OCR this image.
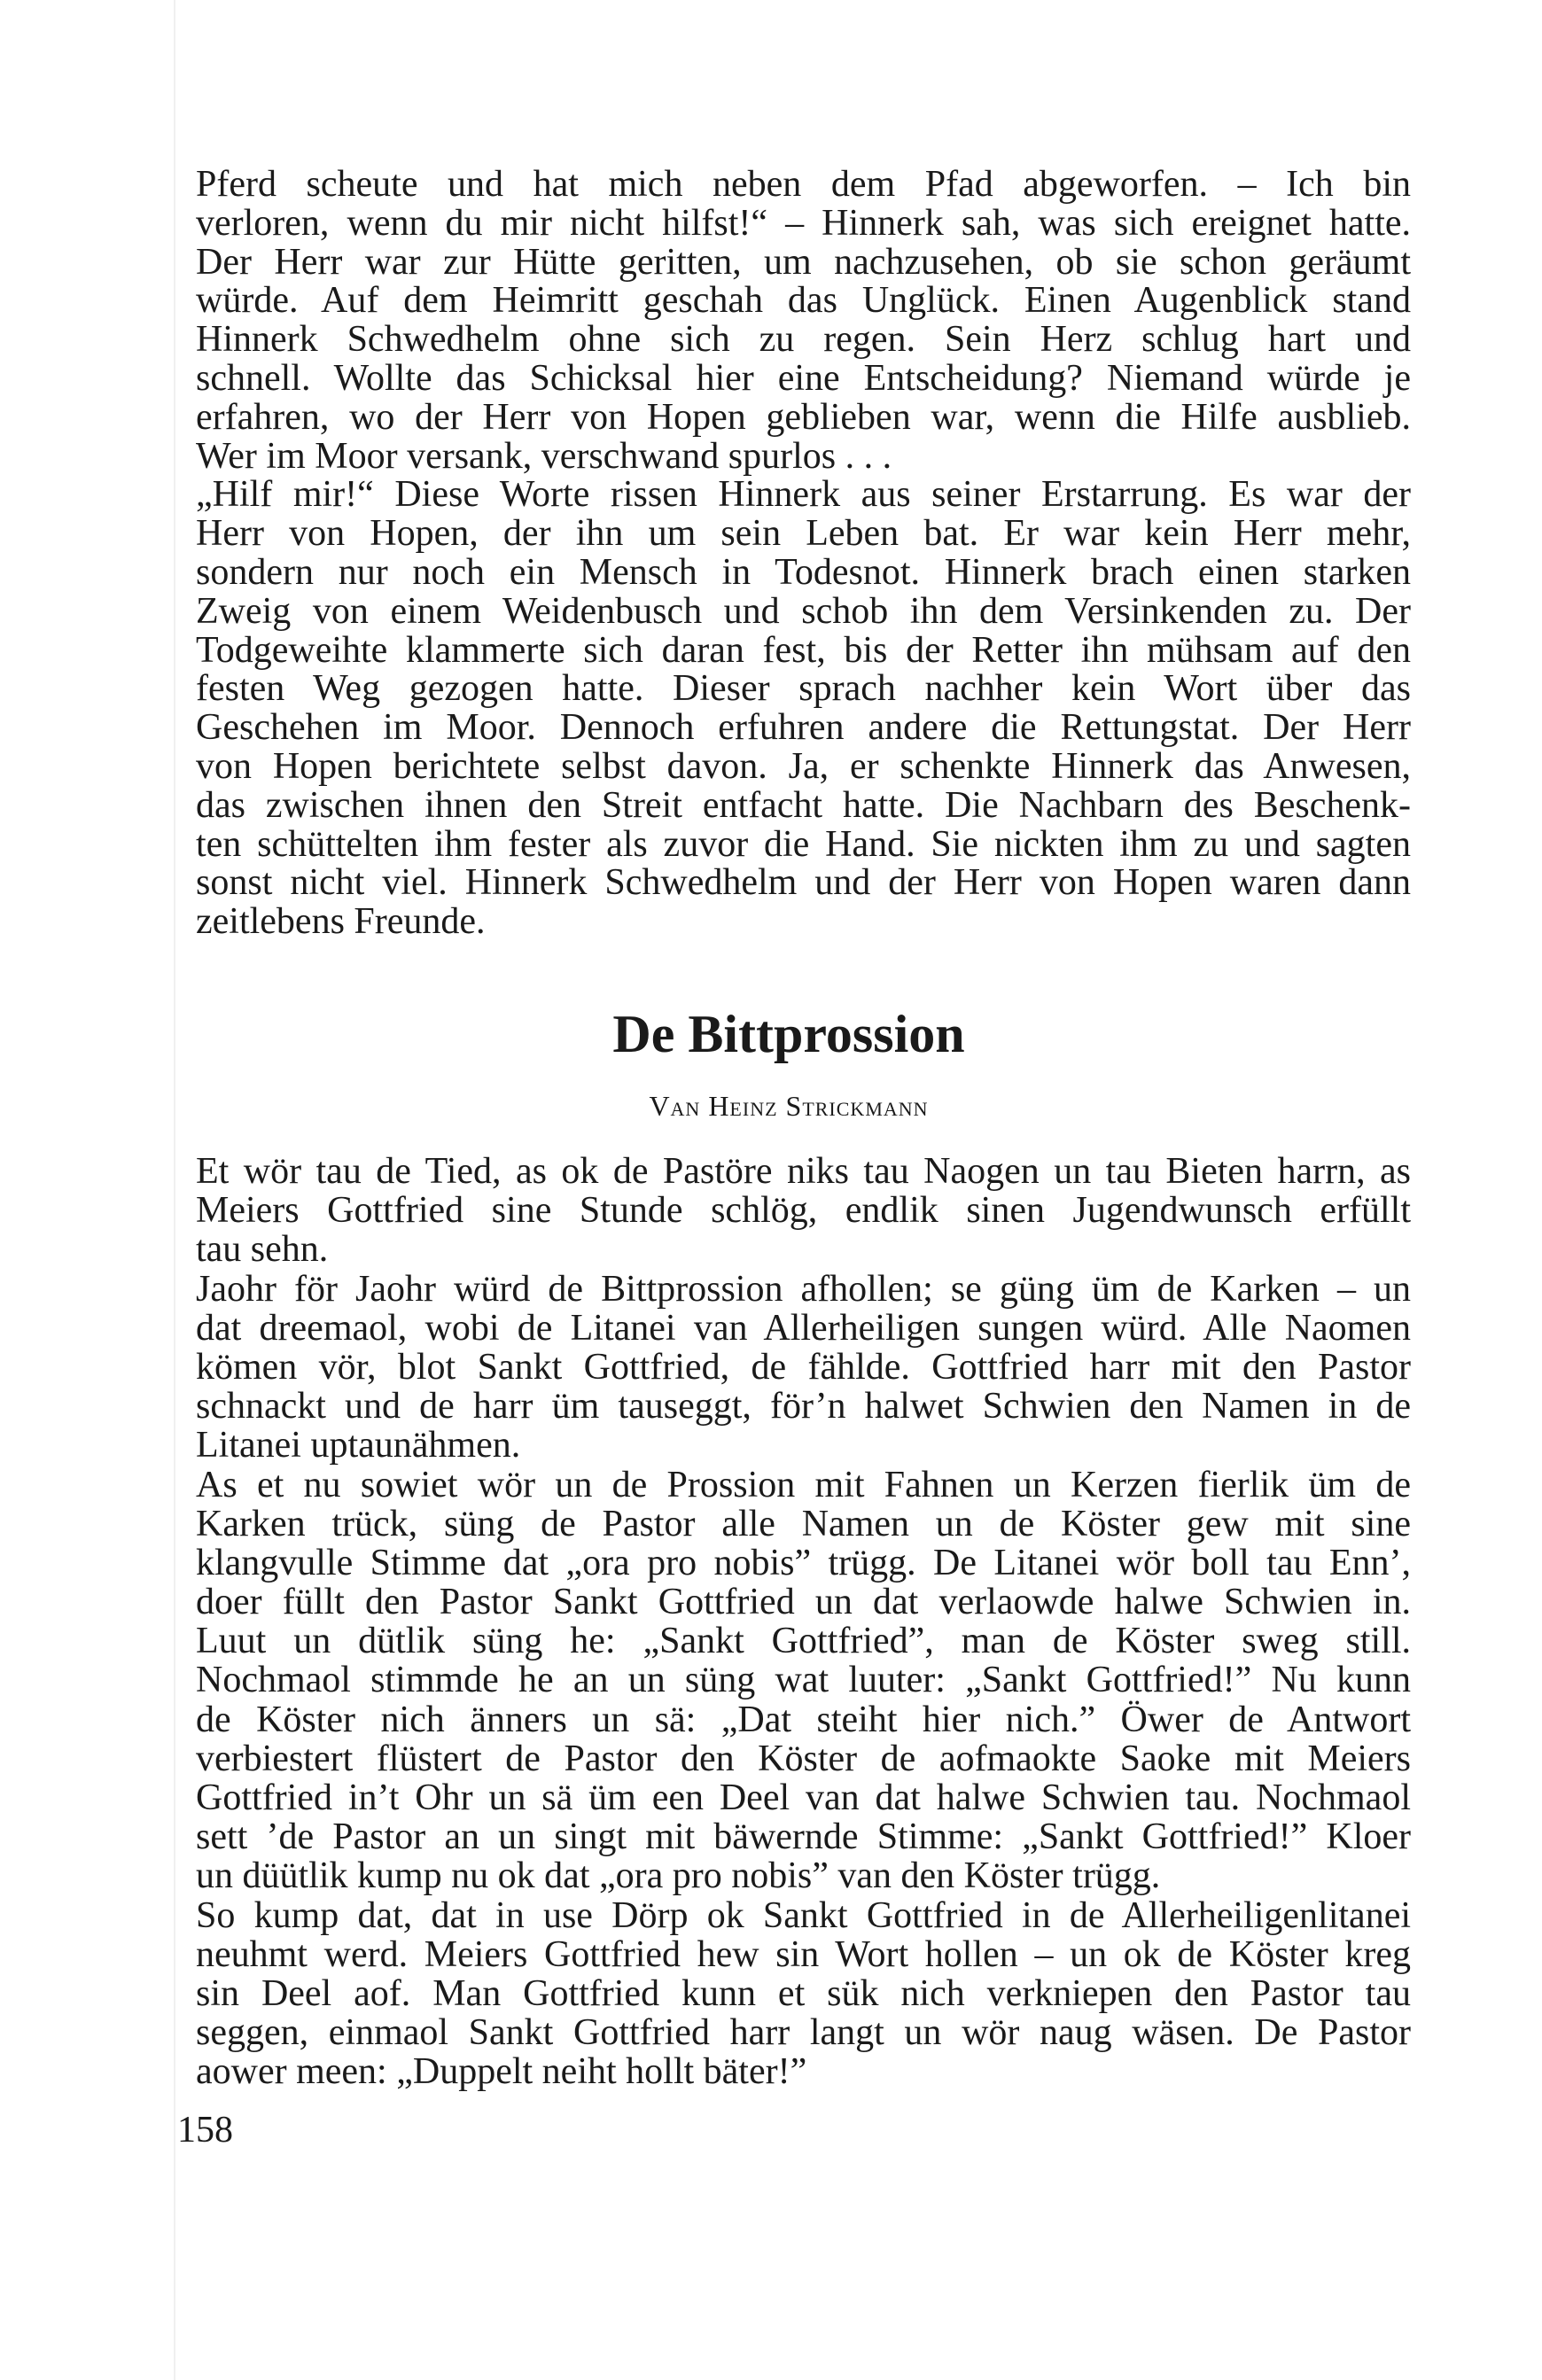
Pferd scheute und hat mich neben dem Pfad abgeworfen. – Ich bin
verloren, wenn du mir nicht hilfst!“ – Hinnerk sah, was sich ereignet hatte.
Der Herr war zur Hütte geritten, um nachzusehen, ob sie schon geräumt
würde. Auf dem Heimritt geschah das Unglück. Einen Augenblick stand
Hinnerk Schwedhelm ohne sich zu regen. Sein Herz schlug hart und
schnell. Wollte das Schicksal hier eine Entscheidung? Niemand würde je
erfahren, wo der Herr von Hopen geblieben war, wenn die Hilfe ausblieb.
Wer im Moor versank, verschwand spurlos . . .
„Hilf mir!“ Diese Worte rissen Hinnerk aus seiner Erstarrung. Es war der
Herr von Hopen, der ihn um sein Leben bat. Er war kein Herr mehr,
sondern nur noch ein Mensch in Todesnot. Hinnerk brach einen starken
Zweig von einem Weidenbusch und schob ihn dem Versinkenden zu. Der
Todgeweihte klammerte sich daran fest, bis der Retter ihn mühsam auf den
festen Weg gezogen hatte. Dieser sprach nachher kein Wort über das
Geschehen im Moor. Dennoch erfuhren andere die Rettungstat. Der Herr
von Hopen berichtete selbst davon. Ja, er schenkte Hinnerk das Anwesen,
das zwischen ihnen den Streit entfacht hatte. Die Nachbarn des Beschenk-
ten schüttelten ihm fester als zuvor die Hand. Sie nickten ihm zu und sagten
sonst nicht viel. Hinnerk Schwedhelm und der Herr von Hopen waren dann
zeitlebens Freunde.
De Bittprossion
Van Heinz Strickmann
Et wör tau de Tied, as ok de Pastöre niks tau Naogen un tau Bieten harrn, as
Meiers Gottfried sine Stunde schlög, endlik sinen Jugendwunsch erfüllt
tau sehn.
Jaohr för Jaohr würd de Bittprossion afhollen; se güng üm de Karken – un
dat dreemaol, wobi de Litanei van Allerheiligen sungen würd. Alle Naomen
kömen vör, blot Sankt Gottfried, de fählde. Gottfried harr mit den Pastor
schnackt und de harr üm tauseggt, för’n halwet Schwien den Namen in de
Litanei uptaunähmen.
As et nu sowiet wör un de Prossion mit Fahnen un Kerzen fierlik üm de
Karken trück, süng de Pastor alle Namen un de Köster gew mit sine
klangvulle Stimme dat „ora pro nobis” trügg. De Litanei wör boll tau Enn’,
doer füllt den Pastor Sankt Gottfried un dat verlaowde halwe Schwien in.
Luut un dütlik süng he: „Sankt Gottfried”, man de Köster sweg still.
Nochmaol stimmde he an un süng wat luuter: „Sankt Gottfried!” Nu kunn
de Köster nich änners un sä: „Dat steiht hier nich.” Öwer de Antwort
verbiestert flüstert de Pastor den Köster de aofmaokte Saoke mit Meiers
Gottfried in’t Ohr un sä üm een Deel van dat halwe Schwien tau. Nochmaol
sett ’de Pastor an un singt mit bäwernde Stimme: „Sankt Gottfried!” Kloer
un düütlik kump nu ok dat „ora pro nobis” van den Köster trügg.
So kump dat, dat in use Dörp ok Sankt Gottfried in de Allerheiligenlitanei
neuhmt werd. Meiers Gottfried hew sin Wort hollen – un ok de Köster kreg
sin Deel aof. Man Gottfried kunn et sük nich verkniepen den Pastor tau
seggen, einmaol Sankt Gottfried harr langt un wör naug wäsen. De Pastor
aower meen: „Duppelt neiht hollt bäter!”
158
